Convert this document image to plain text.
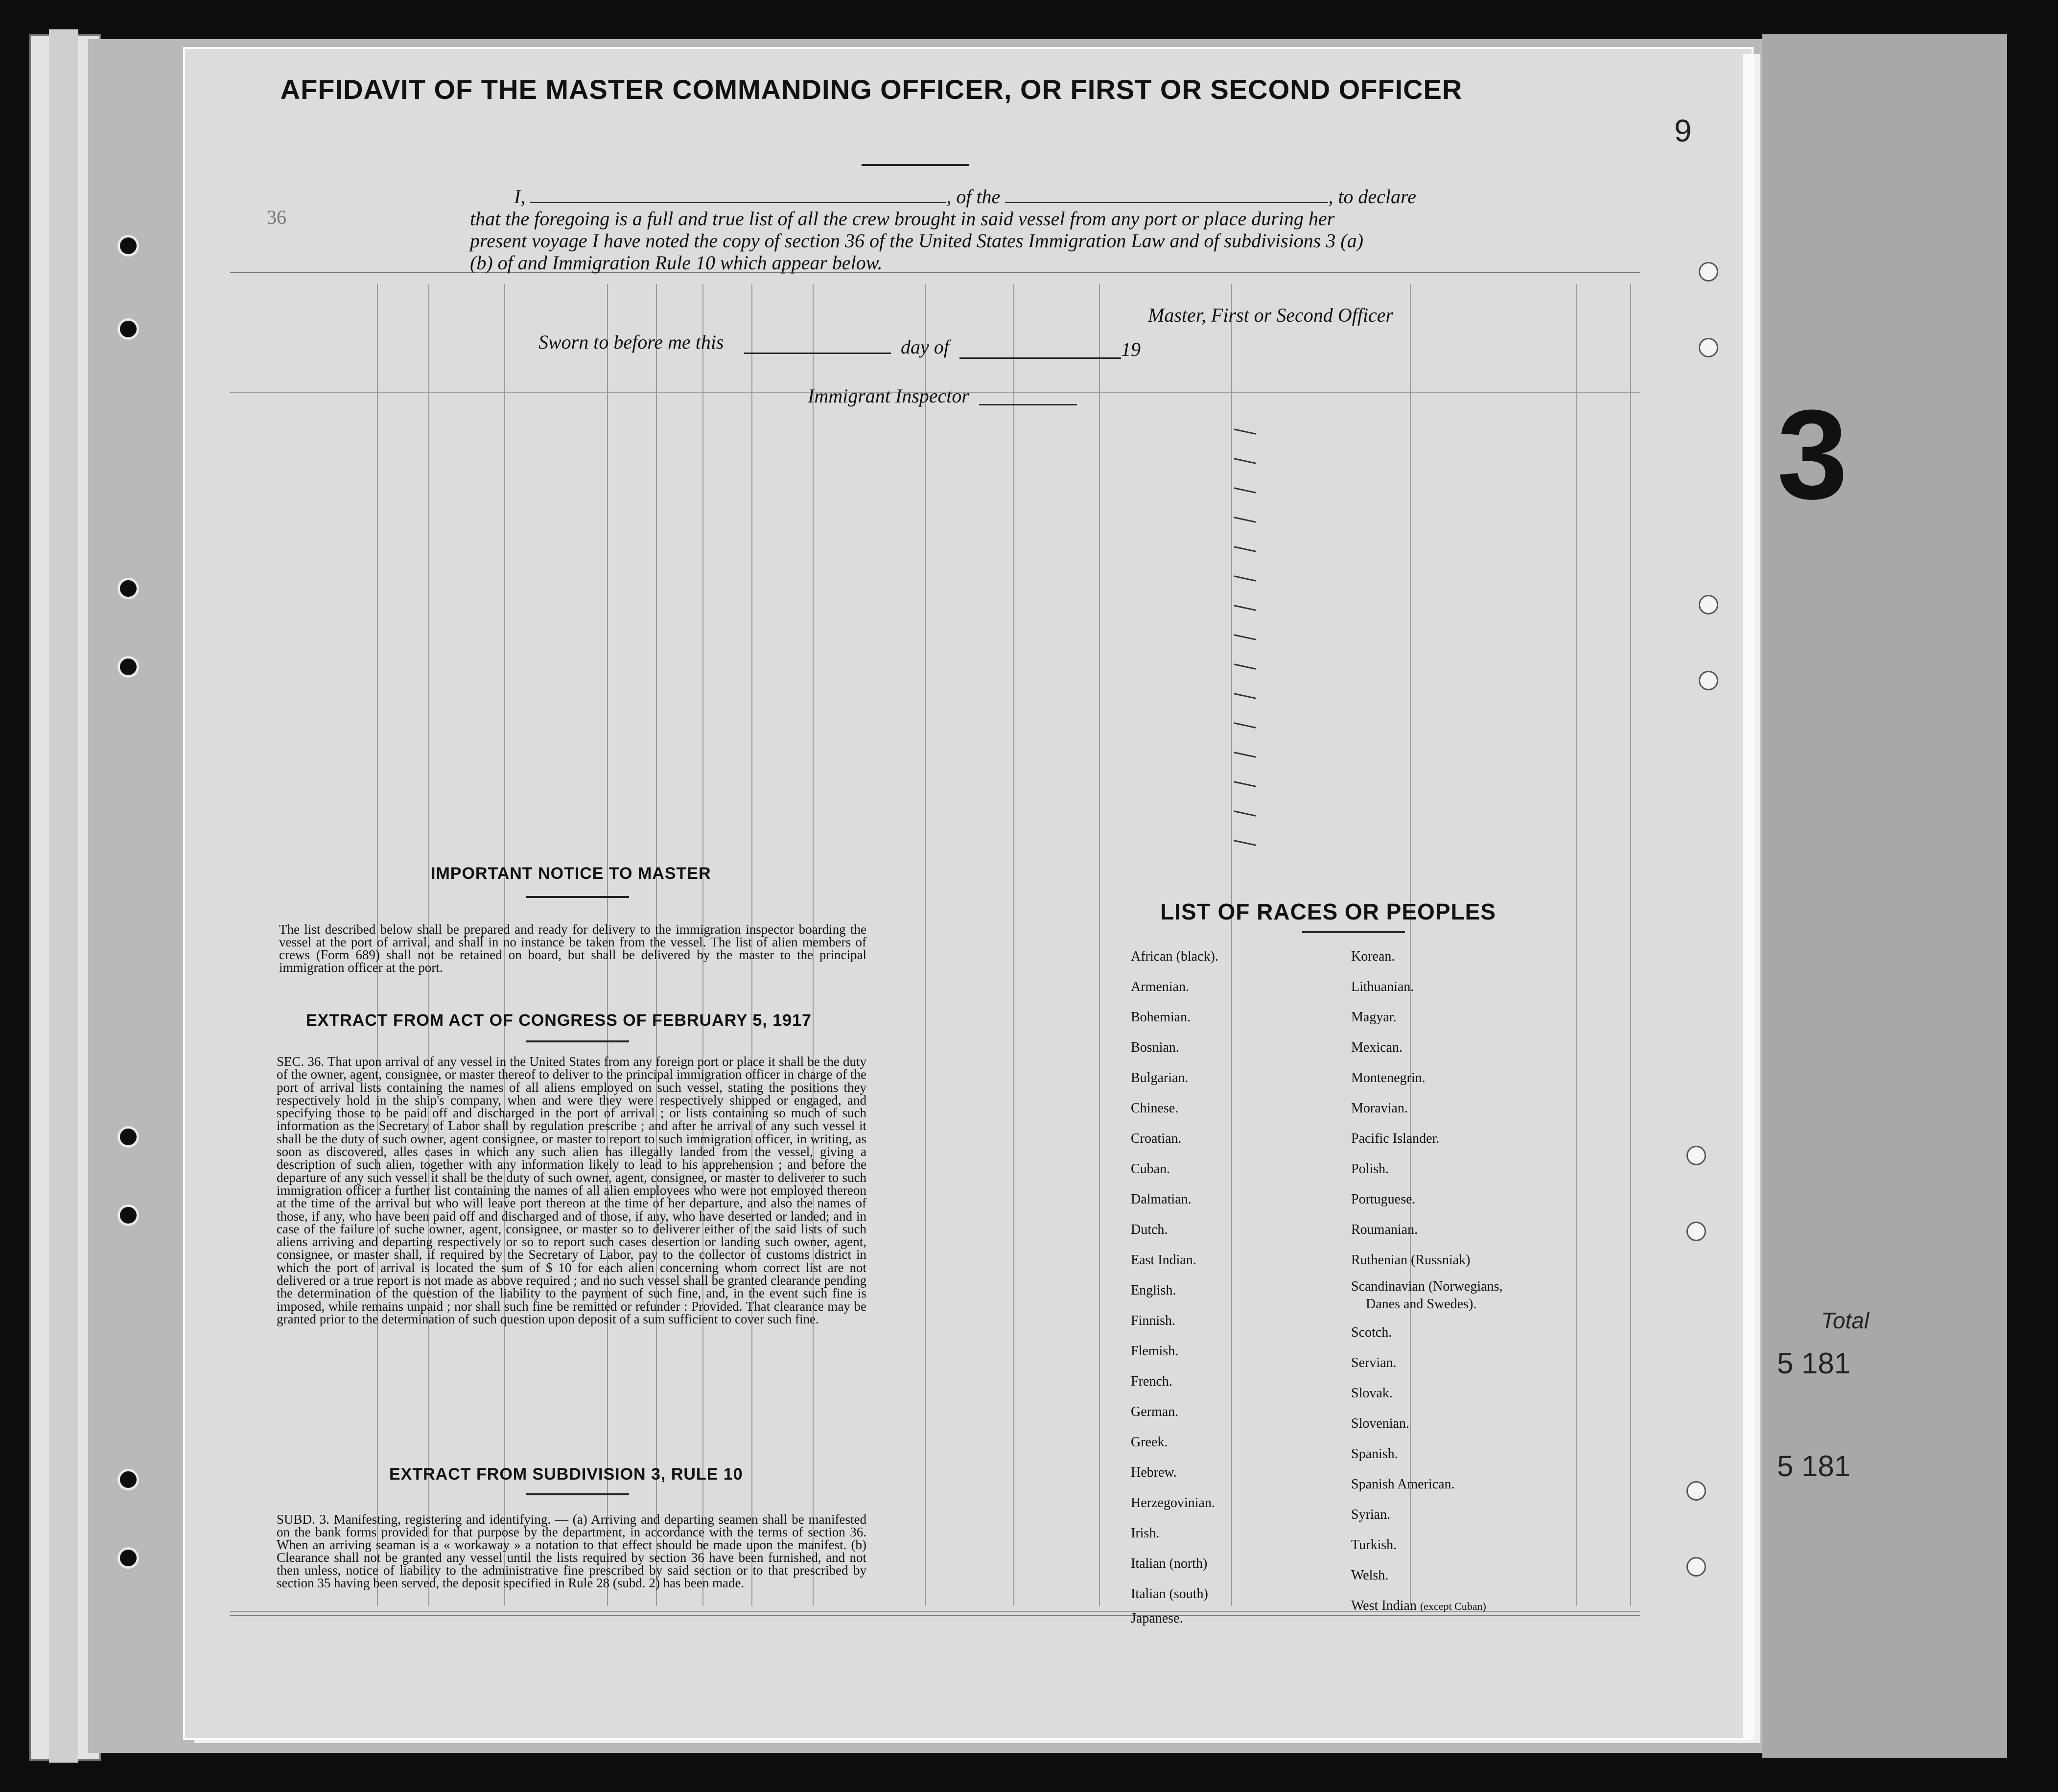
3
Total
5 181
5 181
9
36
AFFIDAVIT OF THE MASTER COMMANDING OFFICER, OR FIRST OR SECOND OFFICER
I,	, of the	, to declare
that the foregoing is a full and true list of all the crew brought in said vessel from any port or place during her
present voyage I have noted the copy of section 36 of the United States Immigration Law and of subdivisions 3 (a)
(b) of and Immigration Rule 10 which appear below.
Master, First or Second Officer
Sworn to before me this	day of	19
Immigrant Inspector
IMPORTANT NOTICE TO MASTER
The list described below shall be prepared and ready for delivery to the immigration inspector boarding the vessel at the port of arrival, and shall in no instance be taken from the vessel. The list of alien members of crews (Form 689) shall not be retained on board, but shall be delivered by the master to the principal immigration officer at the port.
EXTRACT FROM ACT OF CONGRESS OF FEBRUARY 5, 1917
SEC. 36. That upon arrival of any vessel in the United States from any foreign port or place it shall be the duty of the owner, agent, consignee, or master thereof to deliver to the principal immigration officer in charge of the port of arrival lists containing the names of all aliens employed on such vessel, stating the positions they respectively hold in the ship's company, when and were they were respectively shipped or engaged, and specifying those to be paid off and discharged in the port of arrival ; or lists containing so much of such information as the Secretary of Labor shall by regulation prescribe ; and after he arrival of any such vessel it shall be the duty of such owner, agent consignee, or master to report to such immigration officer, in writing, as soon as discovered, alles cases in which any such alien has illegally landed from the vessel, giving a description of such alien, together with any information likely to lead to his apprehension ; and before the departure of any such vessel it shall be the duty of such owner, agent, consignee, or master to deliverer to such immigration officer a further list containing the names of all alien employees who were not employed thereon at the time of the arrival but who will leave port thereon at the time of her departure, and also the names of those, if any, who have been paid off and discharged and of those, if any, who have deserted or landed; and in case of the failure of suche owner, agent, consignee, or master so to deliverer either of the said lists of such aliens arriving and departing respectively or so to report such cases desertion or landing such owner, agent, consignee, or master shall, if required by the Secretary of Labor, pay to the collector of customs district in which the port of arrival is located the sum of $ 10 for each alien concerning whom correct list are not delivered or a true report is not made as above required ; and no such vessel shall be granted clearance pending the determination of the question of the liability to the payment of such fine, and, in the event such fine is imposed, while remains unpaid ; nor shall such fine be remitted or refunder : Provided. That clearance may be granted prior to the determination of such question upon deposit of a sum sufficient to cover such fine.
EXTRACT FROM SUBDIVISION 3, RULE 10
SUBD. 3. Manifesting, registering and identifying. — (a) Arriving and departing seamen shall be manifested on the bank forms provided for that purpose by the department, in accordance with the terms of section 36. When an arriving seaman is a « workaway » a notation to that effect should be made upon the manifest. (b) Clearance shall not be granted any vessel until the lists required by section 36 have been furnished, and not then unless, notice of liability to the administrative fine prescribed by said section or to that prescribed by section 35 having been served, the deposit specified in Rule 28 (subd. 2) has been made.
LIST OF RACES OR PEOPLES
African (black).
Armenian.
Bohemian.
Bosnian.
Bulgarian.
Chinese.
Croatian.
Cuban.
Dalmatian.
Dutch.
East Indian.
English.
Finnish.
Flemish.
French.
German.
Greek.
Hebrew.
Herzegovinian.
Irish.
Italian (north)
Italian (south)
Japanese.
Korean.
Lithuanian.
Magyar.
Mexican.
Montenegrin.
Moravian.
Pacific Islander.
Polish.
Portuguese.
Roumanian.
Ruthenian (Russniak)
Scandinavian (Norwegians,
Danes and Swedes).
Scotch.
Servian.
Slovak.
Slovenian.
Spanish.
Spanish American.
Syrian.
Turkish.
Welsh.
West Indian (except Cuban)
